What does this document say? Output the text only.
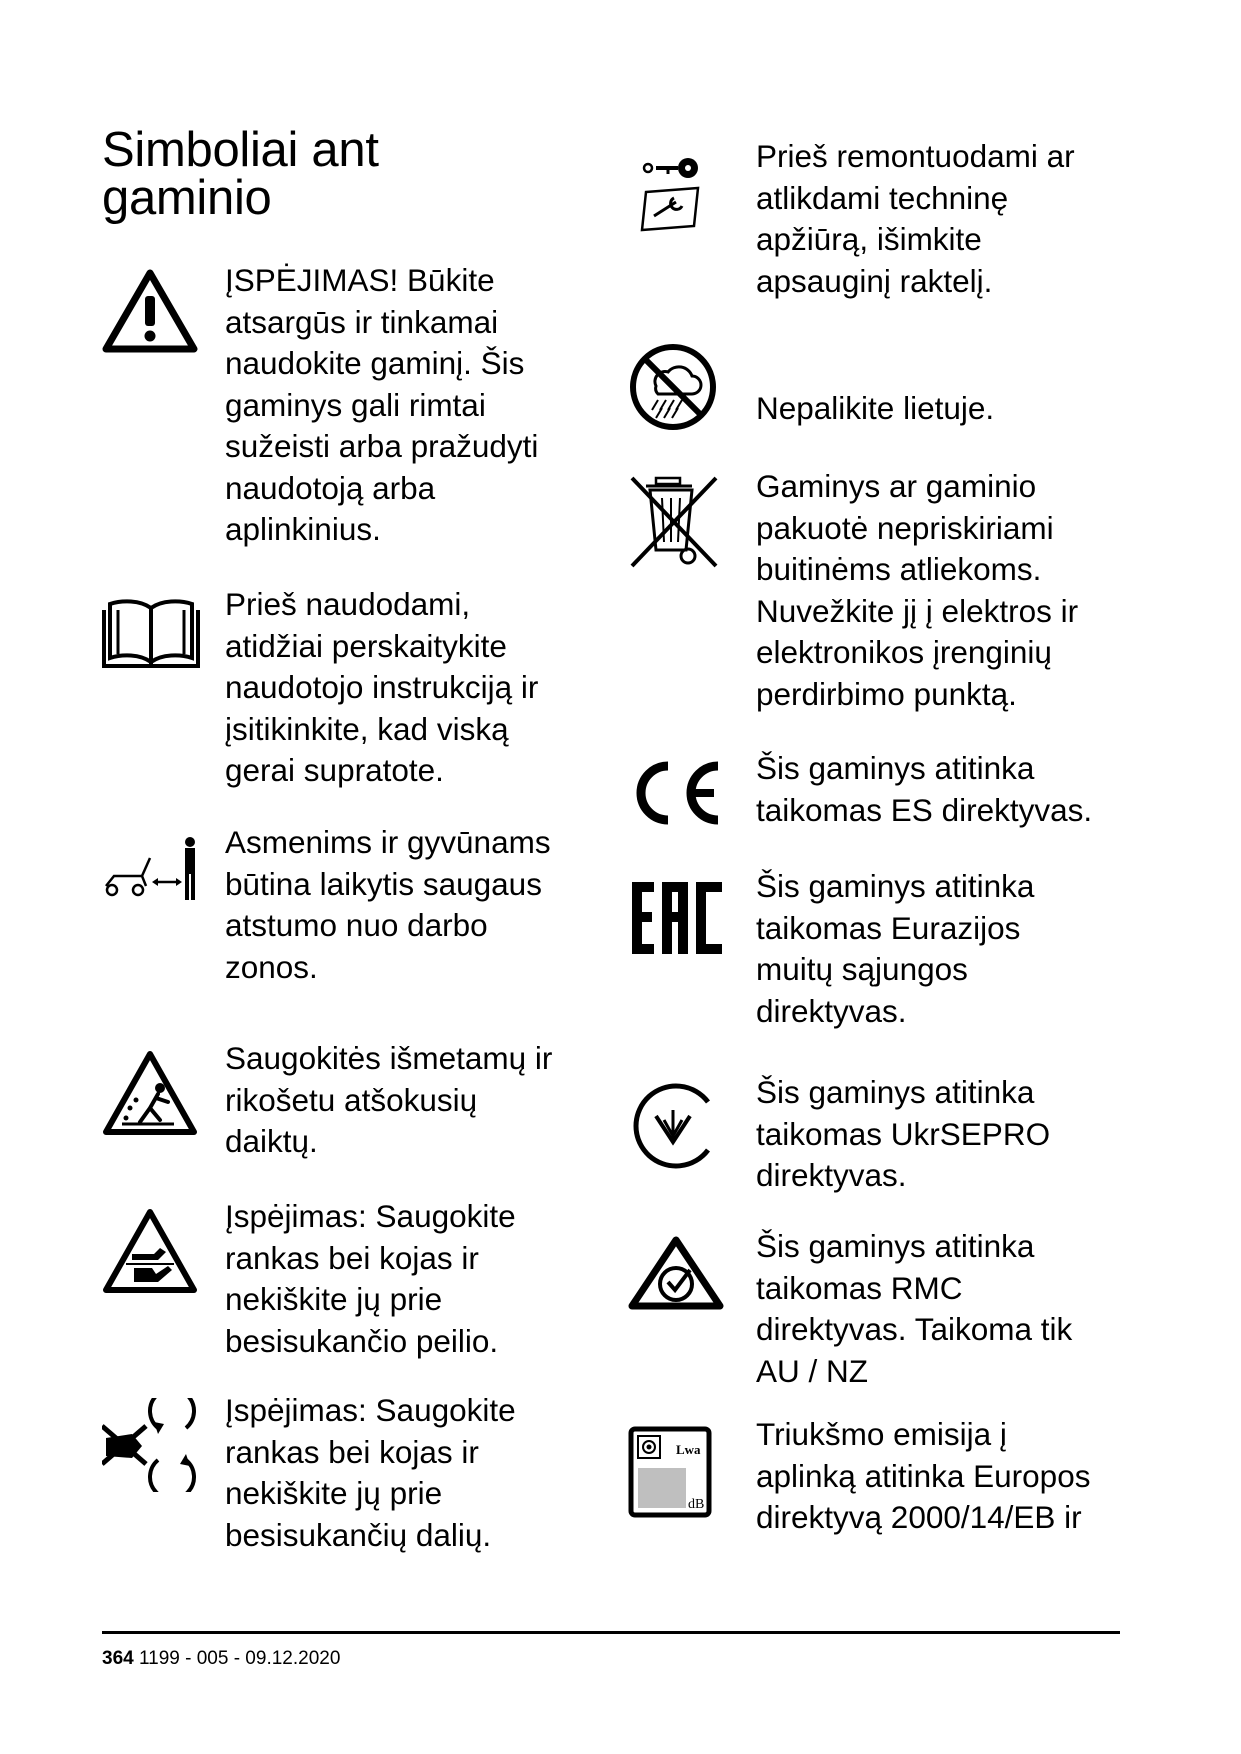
Simboliai ant
gaminio

ĮSPĖJIMAS! Būkite
atsargūs ir tinkamai
naudokite gaminį. Šis
gaminys gali rimtai
sužeisti arba pražudyti
naudotoją arba
aplinkinius.

Prieš naudodami,
atidžiai perskaitykite
naudotojo instrukciją ir
įsitikinkite, kad viską
gerai supratote.

Asmenims ir gyvūnams
būtina laikytis saugaus
atstumo nuo darbo
zonos.

Saugokitės išmetamų ir
rikošetu atšokusių
daiktų.

Įspėjimas: Saugokite
rankas bei kojas ir
nekiškite jų prie
besisukančio peilio.

Įspėjimas: Saugokite
rankas bei kojas ir
nekiškite jų prie
besisukančių dalių.

Prieš remontuodami ar
atlikdami techninę
apžiūrą, išimkite
apsauginį raktelį.

Nepalikite lietuje.

Gaminys ar gaminio
pakuotė nepriskiriami
buitinėms atliekoms.
Nuvežkite jį į elektros ir
elektronikos įrenginių
perdirbimo punktą.

Šis gaminys atitinka
taikomas ES direktyvas.

Šis gaminys atitinka
taikomas Eurazijos
muitų sąjungos
direktyvas.

Šis gaminys atitinka
taikomas UkrSEPRO
direktyvas.

Šis gaminys atitinka
taikomas RMC
direktyvas. Taikoma tik
AU / NZ

Lwa
dB

Triukšmo emisija į
aplinką atitinka Europos
direktyvą 2000/14/EB ir

364 1199 - 005 - 09.12.2020
